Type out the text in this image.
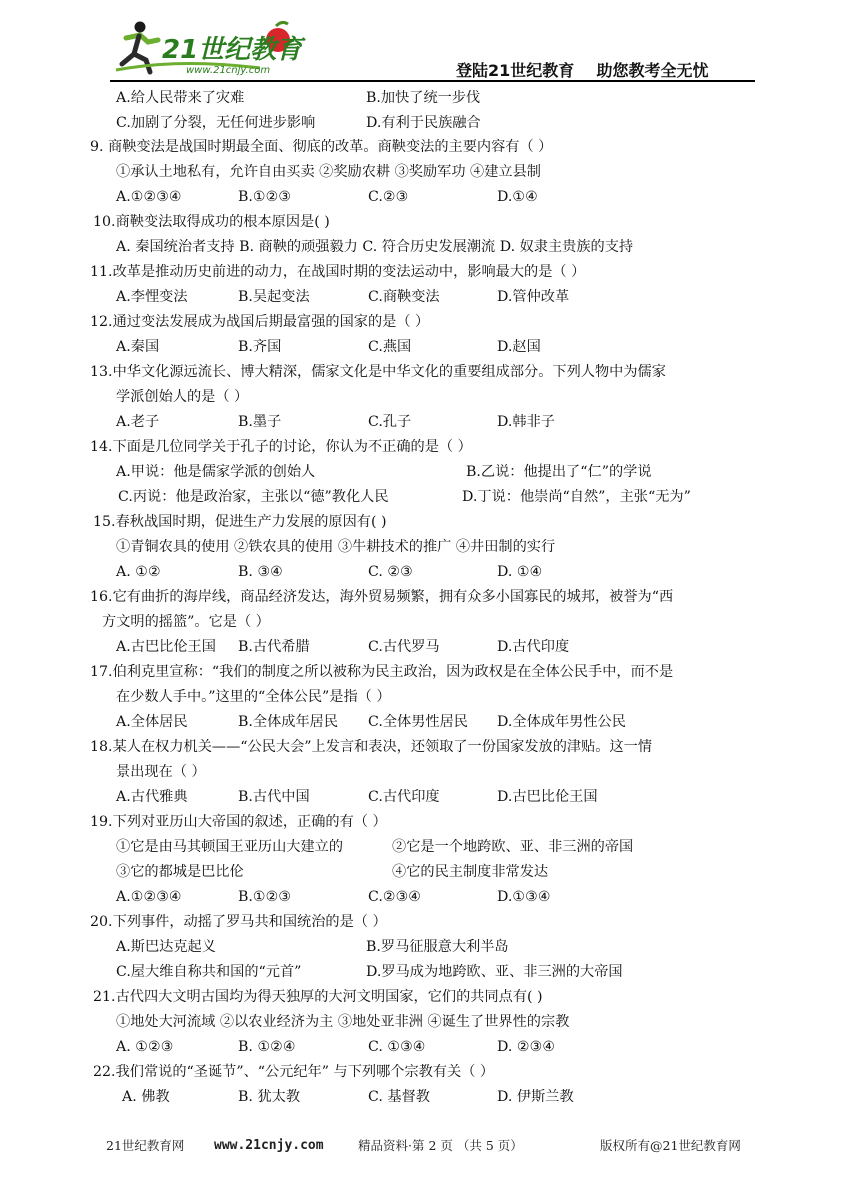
21世纪教育
www.21cnjy.com	登陆21世纪教育    助您教考全无忧
A.给人民带来了灾难	B.加快了统一步伐
C.加剧了分裂，无任何进步影响	D.有利于民族融合
9. 商鞅变法是战国时期最全面、彻底的改革。商鞅变法的主要内容有（ ）
①承认土地私有，允许自由买卖 ②奖励农耕 ③奖励军功 ④建立县制
A.①②③④	B.①②③	C.②③	D.①④
10.商鞅变法取得成功的根本原因是( )
A. 秦国统治者支持 B. 商鞅的顽强毅力 C. 符合历史发展潮流 D. 奴隶主贵族的支持
11.改革是推动历史前进的动力，在战国时期的变法运动中，影响最大的是（ ）
A.李悝变法	B.吴起变法	C.商鞅变法	D.管仲改革
12.通过变法发展成为战国后期最富强的国家的是（ ）
A.秦国	B.齐国	C.燕国	D.赵国
13.中华文化源远流长、博大精深，儒家文化是中华文化的重要组成部分。下列人物中为儒家
学派创始人的是（ ）
A.老子	B.墨子	C.孔子	D.韩非子
14.下面是几位同学关于孔子的讨论，你认为不正确的是（ ）
A.甲说：他是儒家学派的创始人	B.乙说：他提出了“仁”的学说
C.丙说：他是政治家，主张以“德”教化人民	D.丁说：他崇尚“自然”，主张“无为”
15.春秋战国时期，促进生产力发展的原因有( )
①青铜农具的使用 ②铁农具的使用 ③牛耕技术的推广 ④井田制的实行
A. ①②	B. ③④	C. ②③	D. ①④
16.它有曲折的海岸线，商品经济发达，海外贸易频繁，拥有众多小国寡民的城邦，被誉为“西
方文明的摇篮”。它是（ ）
A.古巴比伦王国 B.古代希腊	C.古代罗马	D.古代印度
17.伯利克里宣称：“我们的制度之所以被称为民主政治，因为政权是在全体公民手中，而不是
在少数人手中。”这里的“全体公民”是指（ ）
A.全体居民	B.全体成年居民 C.全体男性居民 D.全体成年男性公民
18.某人在权力机关——“公民大会”上发言和表决，还领取了一份国家发放的津贴。这一情
景出现在（ ）
A.古代雅典	B.古代中国	C.古代印度	D.古巴比伦王国
19.下列对亚历山大帝国的叙述，正确的有（ ）
①它是由马其顿国王亚历山大建立的	②它是一个地跨欧、亚、非三洲的帝国
③它的都城是巴比伦	④它的民主制度非常发达
A.①②③④	B.①②③	C.②③④	D.①③④
20.下列事件，动摇了罗马共和国统治的是（ ）
A.斯巴达克起义	B.罗马征服意大利半岛
C.屋大维自称共和国的“元首”	D.罗马成为地跨欧、亚、非三洲的大帝国
21.古代四大文明古国均为得天独厚的大河文明国家，它们的共同点有( )
①地处大河流域 ②以农业经济为主 ③地处亚非洲 ④诞生了世界性的宗教
A. ①②③	B. ①②④	C. ①③④	D. ②③④
22.我们常说的“圣诞节”、“公元纪年” 与下列哪个宗教有关（ ）
A. 佛教	B. 犹太教	C. 基督教	D. 伊斯兰教
21世纪教育网 www.21cnjy.com	精品资料·第 2 页 （共 5 页）	版权所有@21世纪教育网
